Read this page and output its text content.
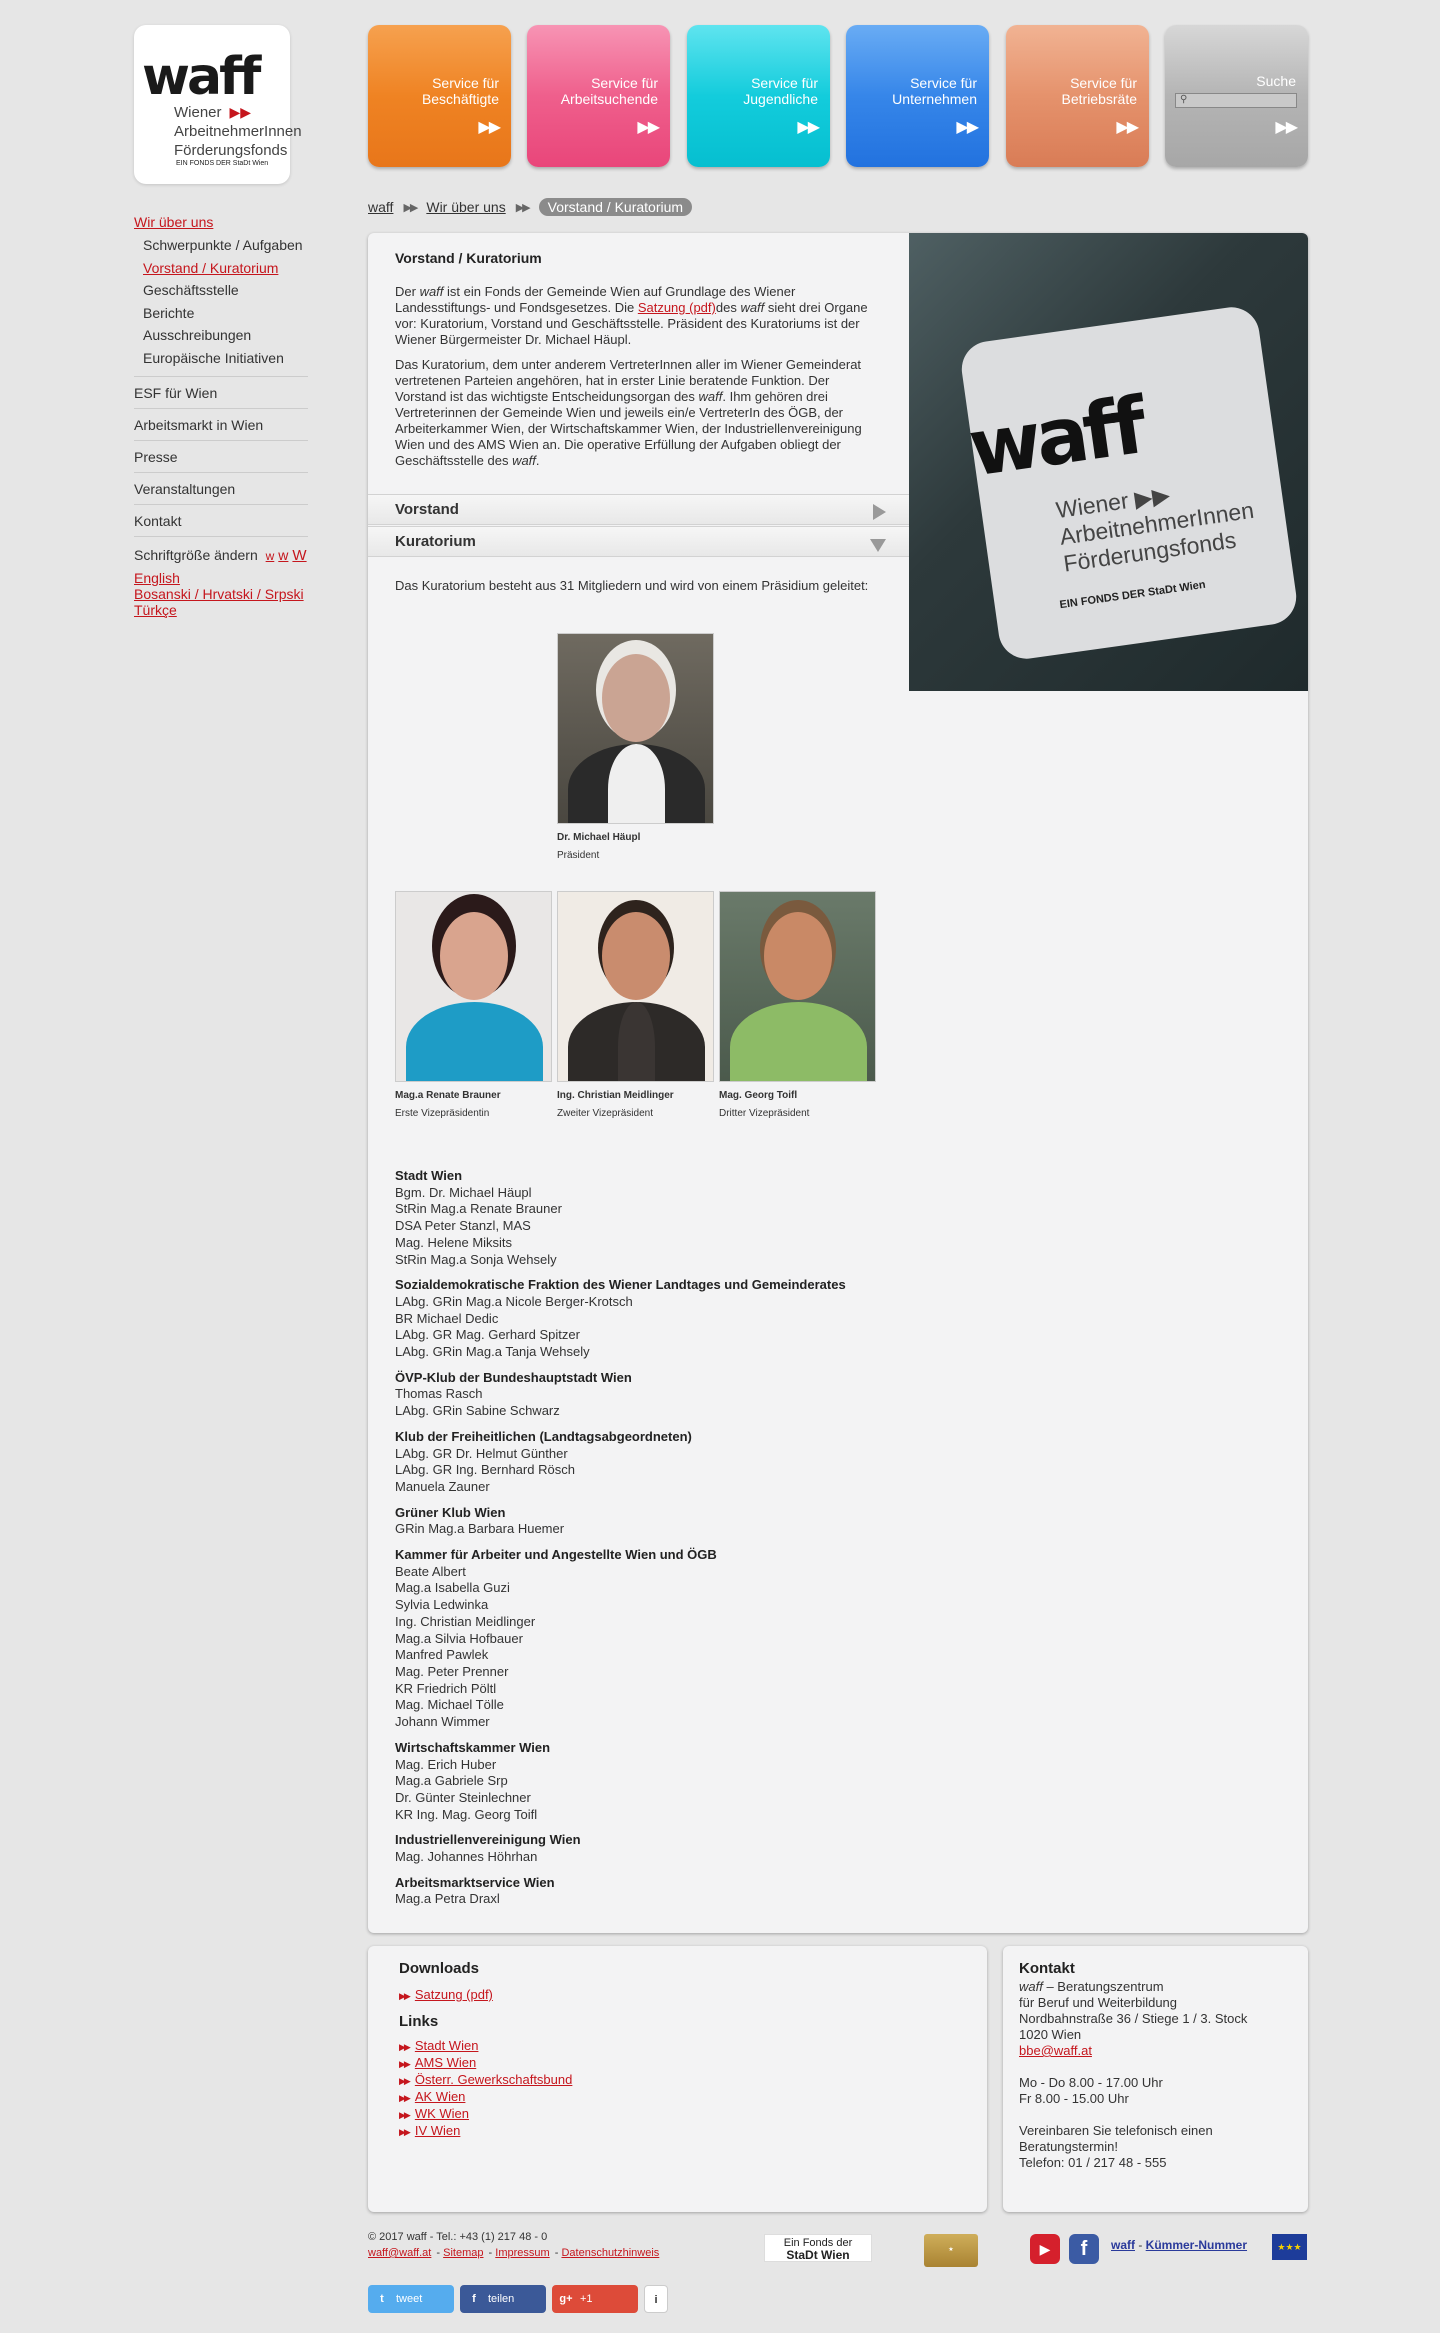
waff
Wiener ▶▶
ArbeitnehmerInnen
Förderungsfonds
EIN FONDS DER StaDt Wien
Service für
Beschäftigte
▶▶
Service für
Arbeitsuchende
▶▶
Service für
Jugendliche
▶▶
Service für
Unternehmen
▶▶
Service für
Betriebsräte
▶▶
Suche
⚲
▶▶
waff ▶▶ Wir über uns ▶▶	Vorstand / Kuratorium
Wir über uns
Schwerpunkte / Aufgaben
Vorstand / Kuratorium
Geschäftsstelle
Berichte
Ausschreibungen
Europäische Initiativen
ESF für Wien
Arbeitsmarkt in Wien
Presse
Veranstaltungen
Kontakt
Schriftgröße ändern w w W
English
Bosanski / Hrvatski / Srpski
Türkçe
waff
Wiener ▶▶
ArbeitnehmerInnen
Förderungsfonds
EIN FONDS DER StaDt Wien
Vorstand / Kuratorium

Der waff ist ein Fonds der Gemeinde Wien auf Grundlage des Wiener Landesstiftungs- und Fondsgesetzes. Die Satzung (pdf)des waff sieht drei Organe vor: Kuratorium, Vorstand und Geschäftsstelle. Präsident des Kuratoriums ist der Wiener Bürgermeister Dr. Michael Häupl.

Das Kuratorium, dem unter anderem VertreterInnen aller im Wiener Gemeinderat vertretenen Parteien angehören, hat in erster Linie beratende Funktion. Der Vorstand ist das wichtigste Entscheidungsorgan des waff. Ihm gehören drei Vertreterinnen der Gemeinde Wien und jeweils ein/e VertreterIn des ÖGB, der Arbeiterkammer Wien, der Wirtschaftskammer Wien, der Industriellenvereinigung Wien und des AMS Wien an. Die operative Erfüllung der Aufgaben obliegt der Geschäftsstelle des waff.

Vorstand
Kuratorium
Das Kuratorium besteht aus 31 Mitgliedern und wird von einem Präsidium geleitet:
Dr. Michael Häupl
Präsident
Mag.a Renate Brauner
Erste Vizepräsidentin
Ing. Christian Meidlinger
Zweiter Vizepräsident
Mag. Georg Toifl
Dritter Vizepräsident
Stadt Wien
Bgm. Dr. Michael Häupl
StRin Mag.a Renate Brauner
DSA Peter Stanzl, MAS
Mag. Helene Miksits
StRin Mag.a Sonja Wehsely
Sozialdemokratische Fraktion des Wiener Landtages und Gemeinderates
LAbg. GRin Mag.a Nicole Berger-Krotsch
BR Michael Dedic
LAbg. GR Mag. Gerhard Spitzer
LAbg. GRin Mag.a Tanja Wehsely
ÖVP-Klub der Bundeshauptstadt Wien
Thomas Rasch
LAbg. GRin Sabine Schwarz
Klub der Freiheitlichen (Landtagsabgeordneten)
LAbg. GR Dr. Helmut Günther
LAbg. GR Ing. Bernhard Rösch
Manuela Zauner
Grüner Klub Wien
GRin Mag.a Barbara Huemer
Kammer für Arbeiter und Angestellte Wien und ÖGB
Beate Albert
Mag.a Isabella Guzi
Sylvia Ledwinka
Ing. Christian Meidlinger
Mag.a Silvia Hofbauer
Manfred Pawlek
Mag. Peter Prenner
KR Friedrich Pöltl
Mag. Michael Tölle
Johann Wimmer
Wirtschaftskammer Wien
Mag. Erich Huber
Mag.a Gabriele Srp
Dr. Günter Steinlechner
KR Ing. Mag. Georg Toifl
Industriellenvereinigung Wien
Mag. Johannes Höhrhan
Arbeitsmarktservice Wien
Mag.a Petra Draxl
Downloads
▶▶ Satzung (pdf)
Links
▶▶ Stadt Wien
▶▶ AMS Wien
▶▶ Österr. Gewerkschaftsbund
▶▶ AK Wien
▶▶ WK Wien
▶▶ IV Wien
Kontakt
waff – Beratungszentrum
für Beruf und Weiterbildung
Nordbahnstraße 36 / Stiege 1 / 3. Stock
1020 Wien
bbe@waff.at
Mo - Do 8.00 - 17.00 Uhr
Fr 8.00 - 15.00 Uhr
Vereinbaren Sie telefonisch einen
Beratungstermin!
Telefon: 01 / 217 48 - 555
© 2017 waff - Tel.: +43 (1) 217 48 - 0
waff@waff.at - Sitemap - Impressum - Datenschutzhinweis
Ein Fonds der
StaDt Wien	★	▶	f	waff - Kümmer-Nummer	★★★
t tweet	f teilen	g+ +1	i
